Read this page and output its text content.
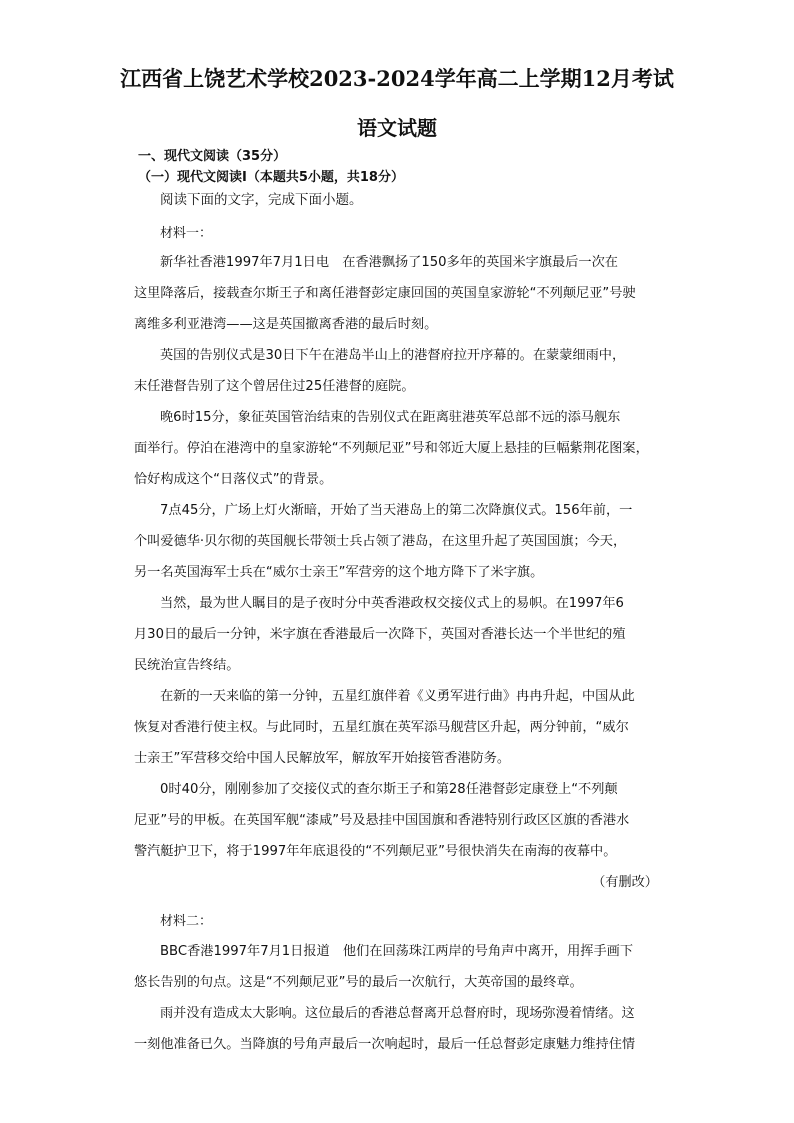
江西省上饶艺术学校2023-2024学年高二上学期12月考试
语文试题
一、现代文阅读（35分）
（一）现代文阅读Ⅰ（本题共5小题，共18分）
阅读下面的文字，完成下面小题。
材料一：
新华社香港1997年7月1日电　在香港飘扬了150多年的英国米字旗最后一次在
这里降落后，接载查尔斯王子和离任港督彭定康回国的英国皇家游轮“不列颠尼亚”号驶
离维多利亚港湾——这是英国撤离香港的最后时刻。
英国的告别仪式是30日下午在港岛半山上的港督府拉开序幕的。在蒙蒙细雨中，
末任港督告别了这个曾居住过25任港督的庭院。
晚6时15分，象征英国管治结束的告别仪式在距离驻港英军总部不远的添马舰东
面举行。停泊在港湾中的皇家游轮“不列颠尼亚”号和邻近大厦上悬挂的巨幅紫荆花图案，
恰好构成这个“日落仪式”的背景。
7点45分，广场上灯火渐暗，开始了当天港岛上的第二次降旗仪式。156年前，一
个叫爱德华·贝尔彻的英国舰长带领士兵占领了港岛，在这里升起了英国国旗；今天，
另一名英国海军士兵在“威尔士亲王”军营旁的这个地方降下了米字旗。
当然，最为世人瞩目的是子夜时分中英香港政权交接仪式上的易帜。在1997年6
月30日的最后一分钟，米字旗在香港最后一次降下，英国对香港长达一个半世纪的殖
民统治宣告终结。
在新的一天来临的第一分钟，五星红旗伴着《义勇军进行曲》冉冉升起，中国从此
恢复对香港行使主权。与此同时，五星红旗在英军添马舰营区升起，两分钟前，“威尔
士亲王”军营移交给中国人民解放军，解放军开始接管香港防务。
0时40分，刚刚参加了交接仪式的查尔斯王子和第28任港督彭定康登上“不列颠
尼亚”号的甲板。在英国军舰“漆咸”号及悬挂中国国旗和香港特别行政区区旗的香港水
警汽艇护卫下，将于1997年年底退役的“不列颠尼亚”号很快消失在南海的夜幕中。
（有删改）
材料二：
BBC香港1997年7月1日报道　他们在回荡珠江两岸的号角声中离开，用挥手画下
悠长告别的句点。这是“不列颠尼亚”号的最后一次航行，大英帝国的最终章。
雨并没有造成太大影响。这位最后的香港总督离开总督府时，现场弥漫着情绪。这
一刻他准备已久。当降旗的号角声最后一次响起时，最后一任总督彭定康魅力维持住情
